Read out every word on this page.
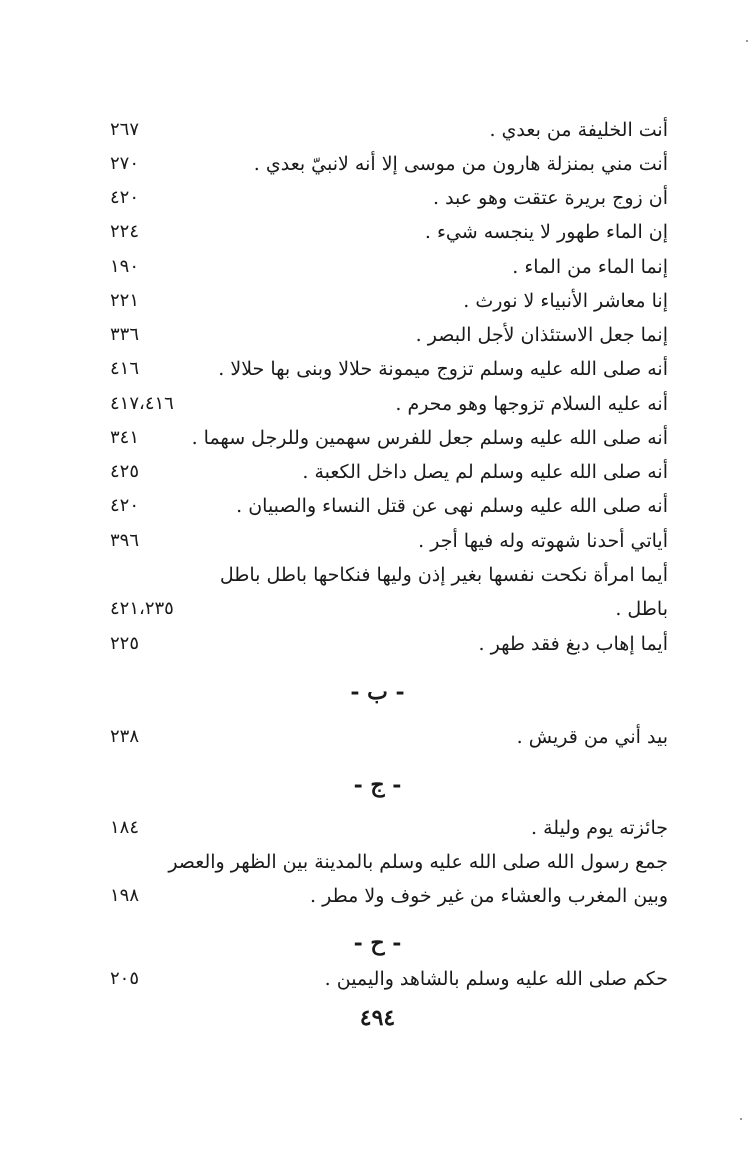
أنت الخليفة من بعدي .
٢٦٧
أنت مني بمنزلة هارون من موسى إلا أنه لانبيّ بعدي .
٢٧٠
أن زوج بريرة عتقت وهو عبد .
٤٢٠
إن الماء طهور لا ينجسه شيء .
٢٢٤
إنما الماء من الماء .
١٩٠
إنا معاشر الأنبياء لا نورث .
٢٢١
إنما جعل الاستئذان لأجل البصر .
٣٣٦
أنه صلى الله عليه وسلم تزوج ميمونة حلالا وبنى بها حلالا .
٤١٦
أنه عليه السلام تزوجها وهو محرم .
٤١٧،٤١٦
أنه صلى الله عليه وسلم جعل للفرس سهمين وللرجل سهما .
٣٤١
أنه صلى الله عليه وسلم لم يصل داخل الكعبة .
٤٢٥
أنه صلى الله عليه وسلم نهى عن قتل النساء والصبيان .
٤٢٠
أياتي أحدنا شهوته وله فيها أجر .
٣٩٦
أيما امرأة نكحت نفسها بغير إذن وليها فنكاحها باطل باطل
باطل .
٤٢١،٢٣٥
أيما إهاب دبغ فقد طهر .
٢٢٥
- ب -
بيد أني من قريش .
٢٣٨
- ج -
جائزته يوم وليلة .
١٨٤
جمع رسول الله صلى الله عليه وسلم بالمدينة بين الظهر والعصر
وبين المغرب والعشاء من غير خوف ولا مطر .
١٩٨
- ح -
حكم صلى الله عليه وسلم بالشاهد واليمين .
٢٠٥
٤٩٤
